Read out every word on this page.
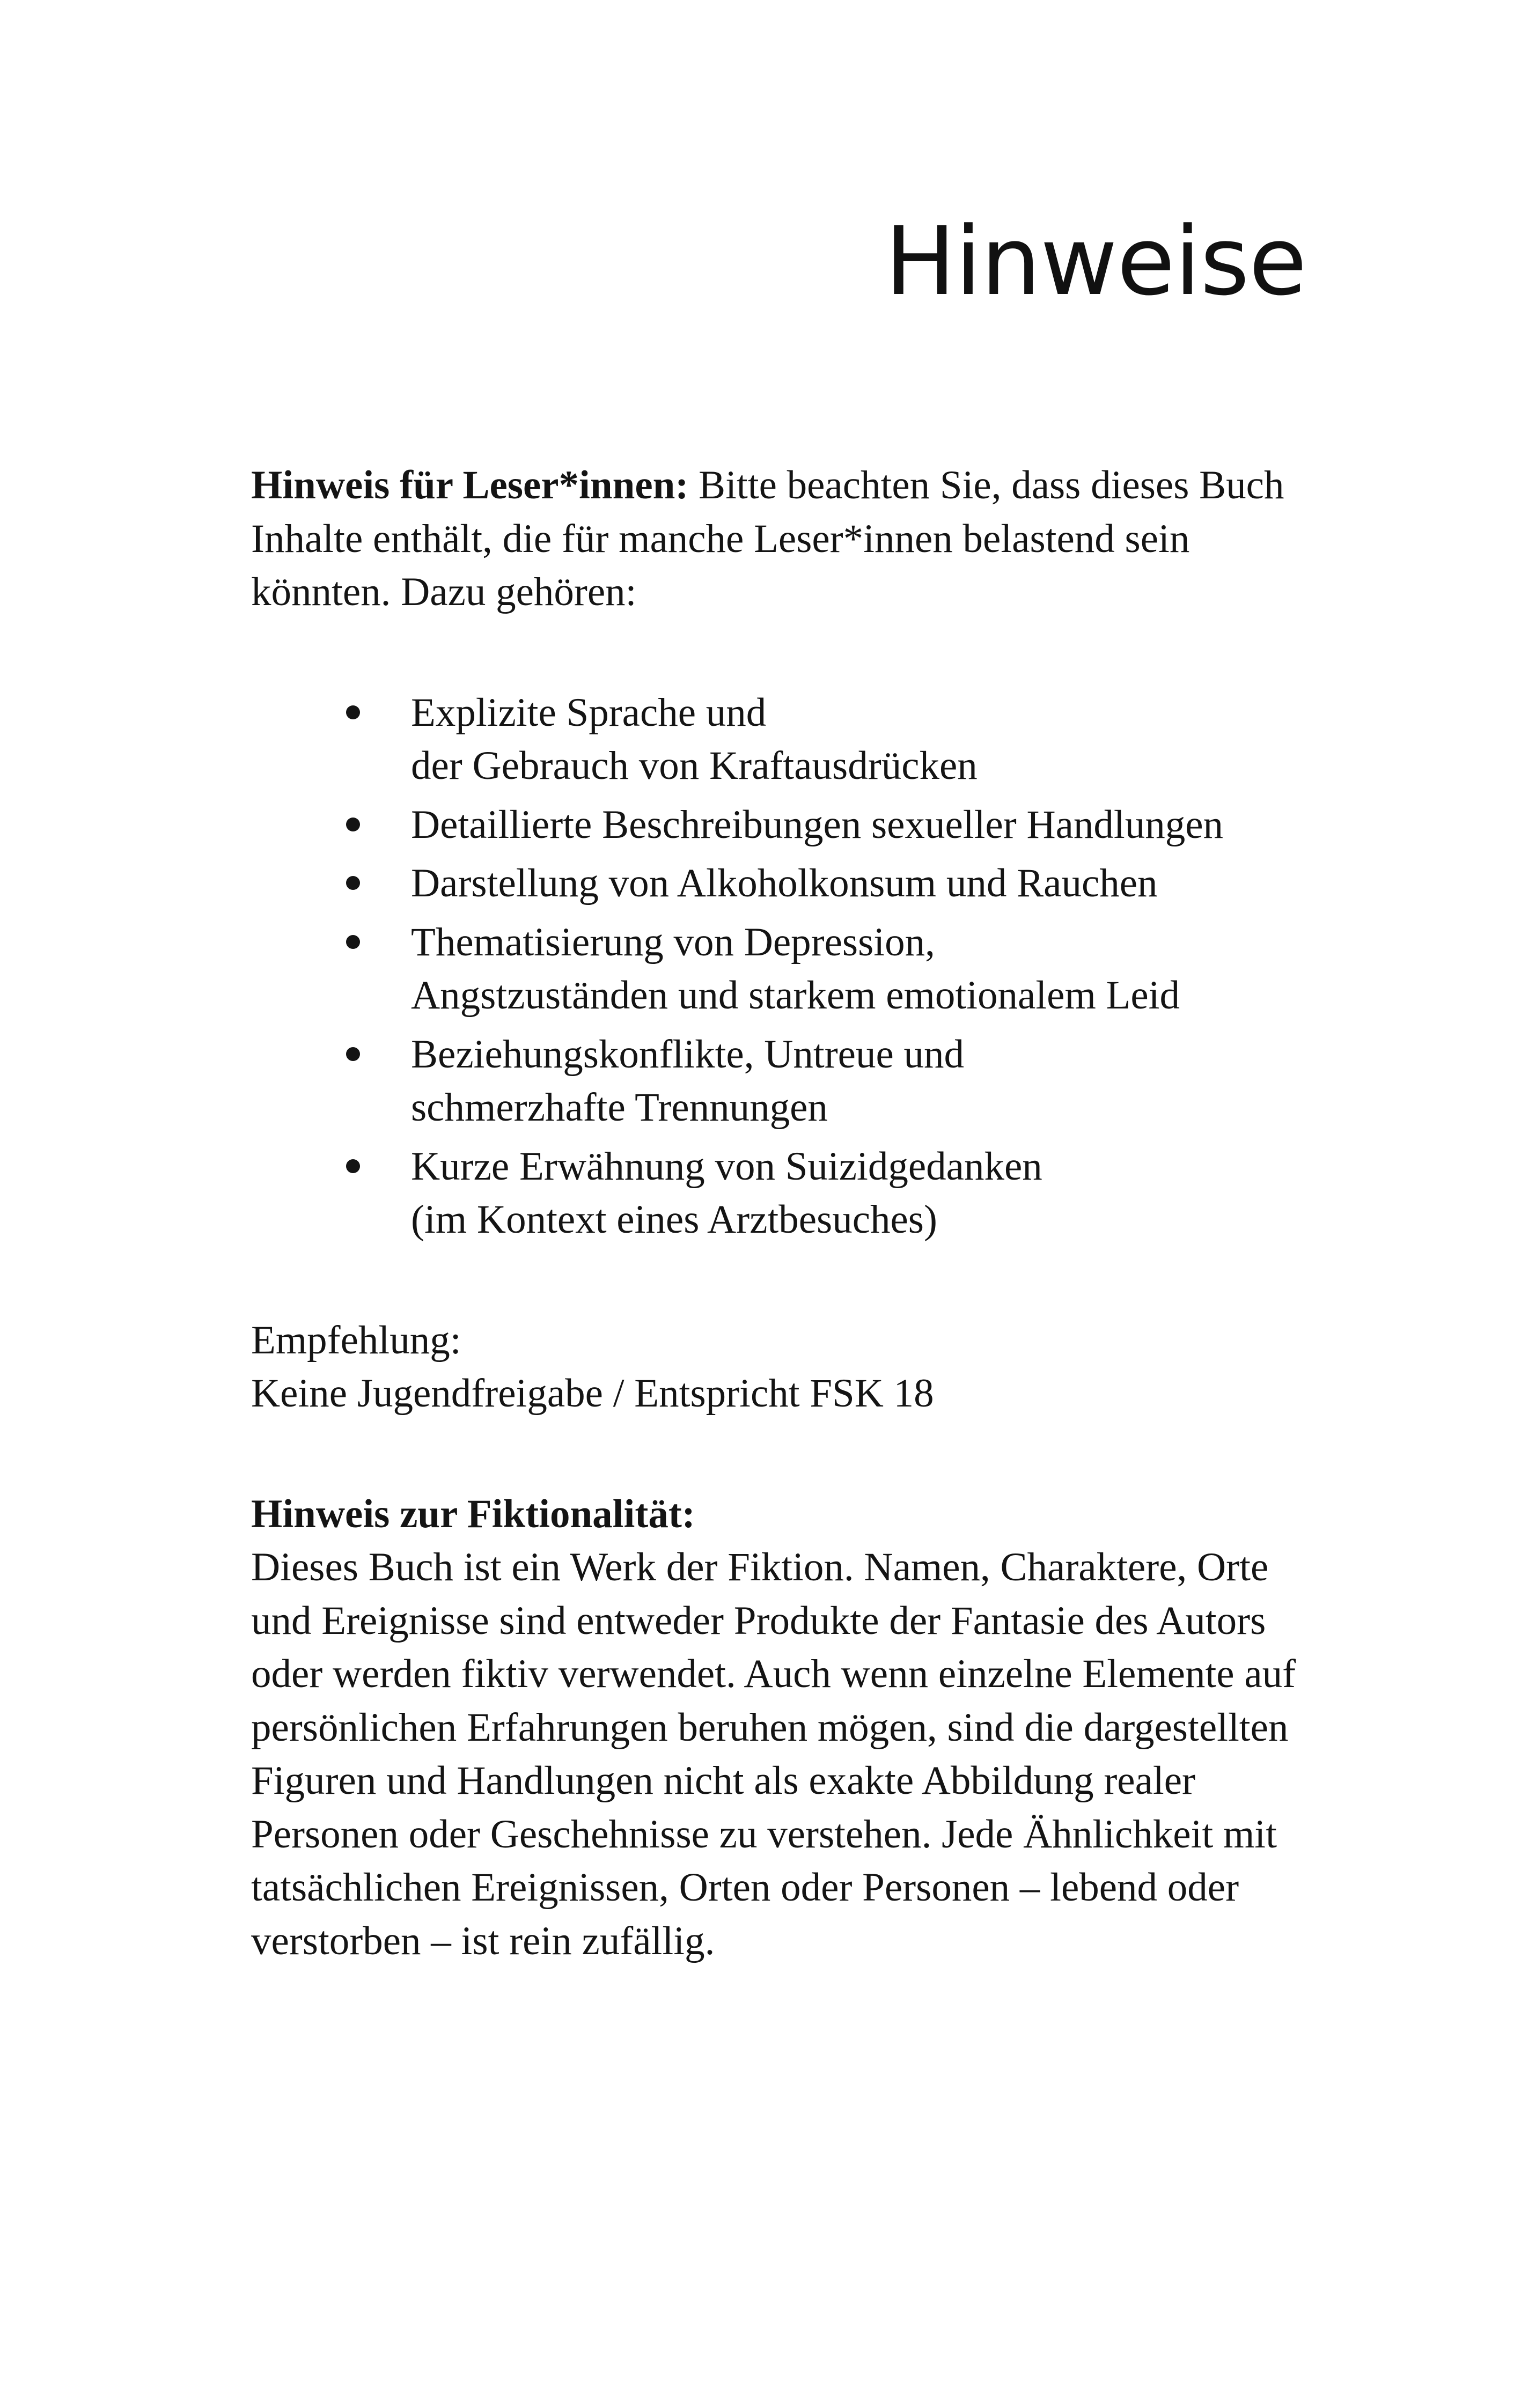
Hinweise

Hinweis für Leser*innen: Bitte beachten Sie, dass dieses Buch Inhalte enthält, die für manche Leser*innen belastend sein könnten. Dazu gehören:

Explizite Sprache und
der Gebrauch von Kraftausdrücken
Detaillierte Beschreibungen sexueller Handlungen
Darstellung von Alkoholkonsum und Rauchen
Thematisierung von Depression,
Angstzuständen und starkem emotionalem Leid
Beziehungskonflikte, Untreue und
schmerzhafte Trennungen
Kurze Erwähnung von Suizidgedanken
(im Kontext eines Arztbesuches)

Empfehlung:

Keine Jugendfreigabe / Entspricht FSK 18

Hinweis zur Fiktionalität:

Dieses Buch ist ein Werk der Fiktion. Namen, Charaktere, Orte und Ereignisse sind entweder Produkte der Fantasie des Autors oder werden fiktiv verwendet. Auch wenn einzelne Elemente auf persönlichen Erfahrungen beruhen mögen, sind die dargestellten Figuren und Handlungen nicht als exakte Abbildung realer Personen oder Geschehnisse zu verstehen. Jede Ähnlichkeit mit tatsächlichen Ereignissen, Orten oder Personen – lebend oder verstorben – ist rein zufällig.
